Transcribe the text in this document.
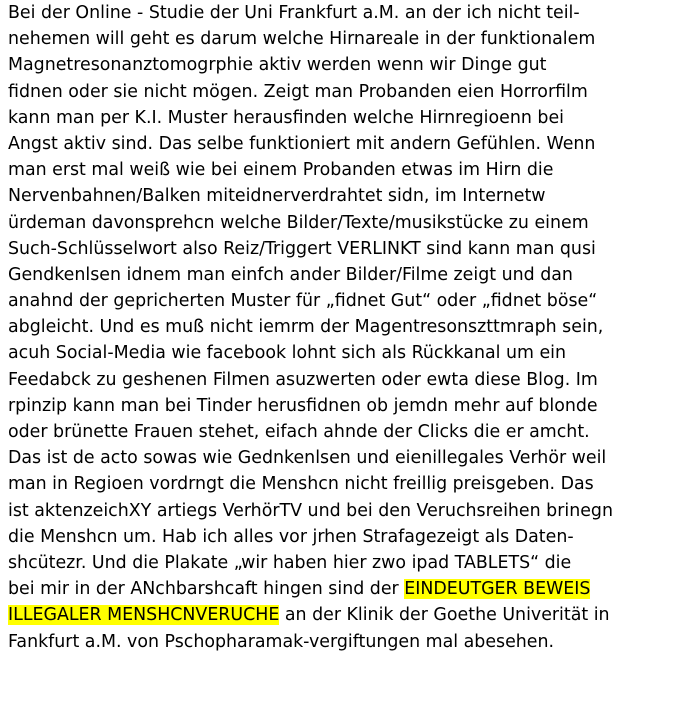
Bei der Online - Studie der Uni Frankfurt a.M. an der ich nicht teil-
nehemen will geht es darum welche Hirnareale in der funktionalem
Magnetresonanztomogrphie aktiv werden wenn wir Dinge gut
fidnen oder sie nicht mögen. Zeigt man Probanden eien Horrorfilm
kann man per K.I. Muster herausfinden welche Hirnregioenn bei
Angst aktiv sind. Das selbe funktioniert mit andern Gefühlen. Wenn
man erst mal weiß wie bei einem Probanden etwas im Hirn die
Nervenbahnen/Balken miteidnerverdrahtet sidn, im Internetw
ürdeman davonsprehcn welche Bilder/Texte/musikstücke zu einem
Such-Schlüsselwort also Reiz/Triggert VERLINKT sind kann man qusi
Gendkenlsen idnem man einfch ander Bilder/Filme zeigt und dan
anahnd der gepricherten Muster für „fidnet Gut“ oder „fidnet böse“
abgleicht. Und es muß nicht iemrm der Magentresonszttmraph sein,
acuh Social-Media wie facebook lohnt sich als Rückkanal um ein
Feedabck zu geshenen Filmen asuzwerten oder ewta diese Blog. Im
rpinzip kann man bei Tinder herusfidnen ob jemdn mehr auf blonde
oder brünette Frauen stehet, eifach ahnde der Clicks die er amcht.
Das ist de acto sowas wie Gednkenlsen und eienillegales Verhör weil
man in Regioen vordrngt die Menshcn nicht freillig preisgeben. Das
ist aktenzeichXY artiegs VerhörTV und bei den Veruchsreihen brinegn
die Menshcn um. Hab ich alles vor jrhen Strafagezeigt als Daten-
shcütezr. Und die Plakate „wir haben hier zwo ipad TABLETS“ die
bei mir in der ANchbarshcaft hingen sind der EINDEUTGER BEWEIS
ILLEGALER MENSHCNVERUCHE an der Klinik der Goethe Univerität in
Fankfurt a.M. von Pschopharamak-vergiftungen mal abesehen.
